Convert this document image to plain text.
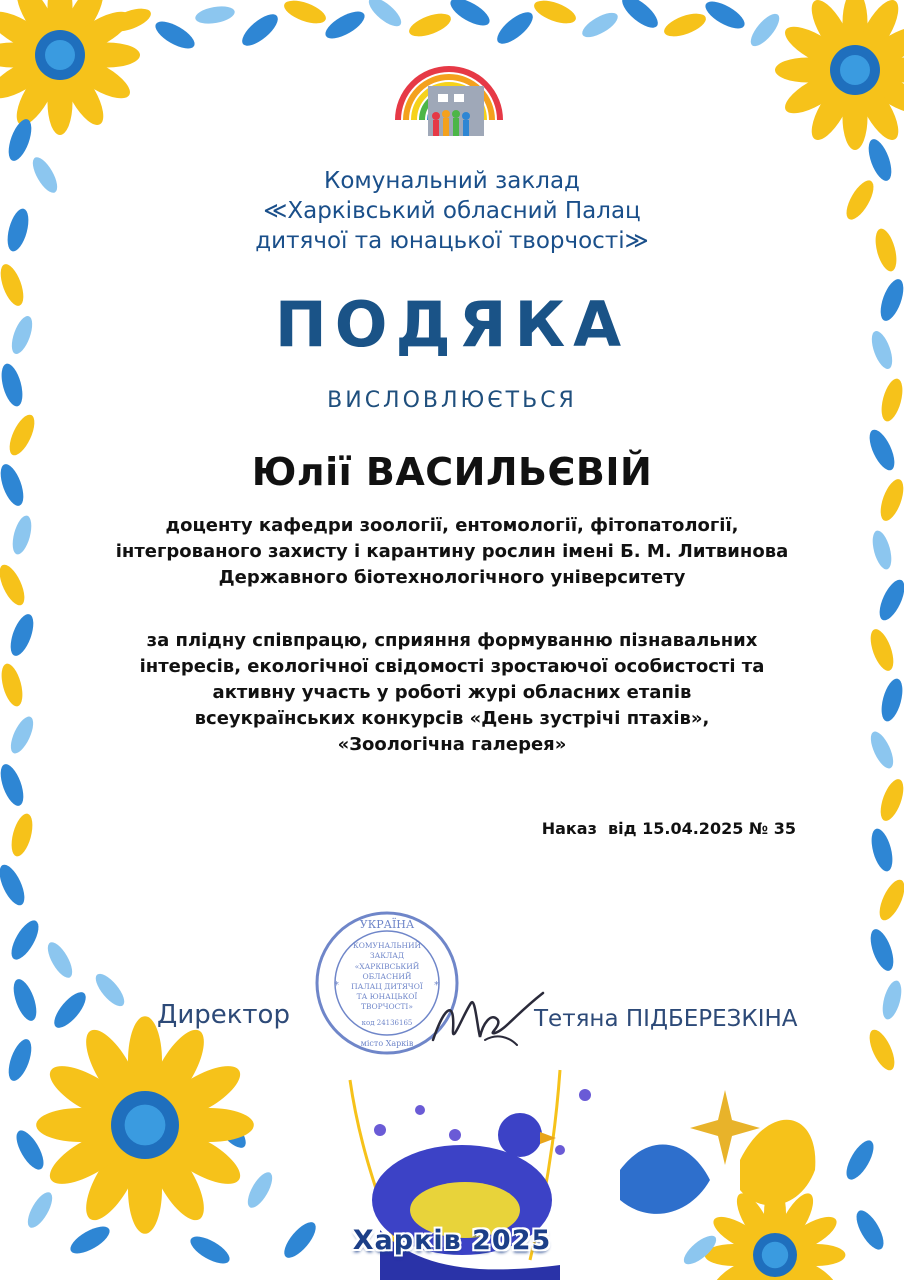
Комунальний заклад
≪Харківський обласний Палац
дитячої та юнацької творчості≫
ПОДЯКА
ВИСЛОВЛЮЄТЬСЯ
Юлії ВАСИЛЬЄВІЙ
доценту кафедри зоології, ентомології, фітопатології,
інтегрованого захисту і карантину рослин імені Б. М. Литвинова
Державного біотехнологічного університету
за плідну співпрацю, сприяння формуванню пізнавальних
інтересів, екологічної свідомості зростаючої особистості та
активну участь у роботі журі обласних етапів
всеукраїнських конкурсів «День зустрічі птахів»,
«Зоологічна галерея»
Наказ  від 15.04.2025 № 35
УКРАЇНА
КОМУНАЛЬНИЙ
ЗАКЛАД
«ХАРКІВСЬКИЙ
ОБЛАСНИЙ
ПАЛАЦ ДИТЯЧОЇ
ТА ЮНАЦЬКОЇ
ТВОРЧОСТІ»
код 24136165
місто Харків
*	*
Директор	Тетяна ПІДБЕРЕЗКІНА
Харків 2025
